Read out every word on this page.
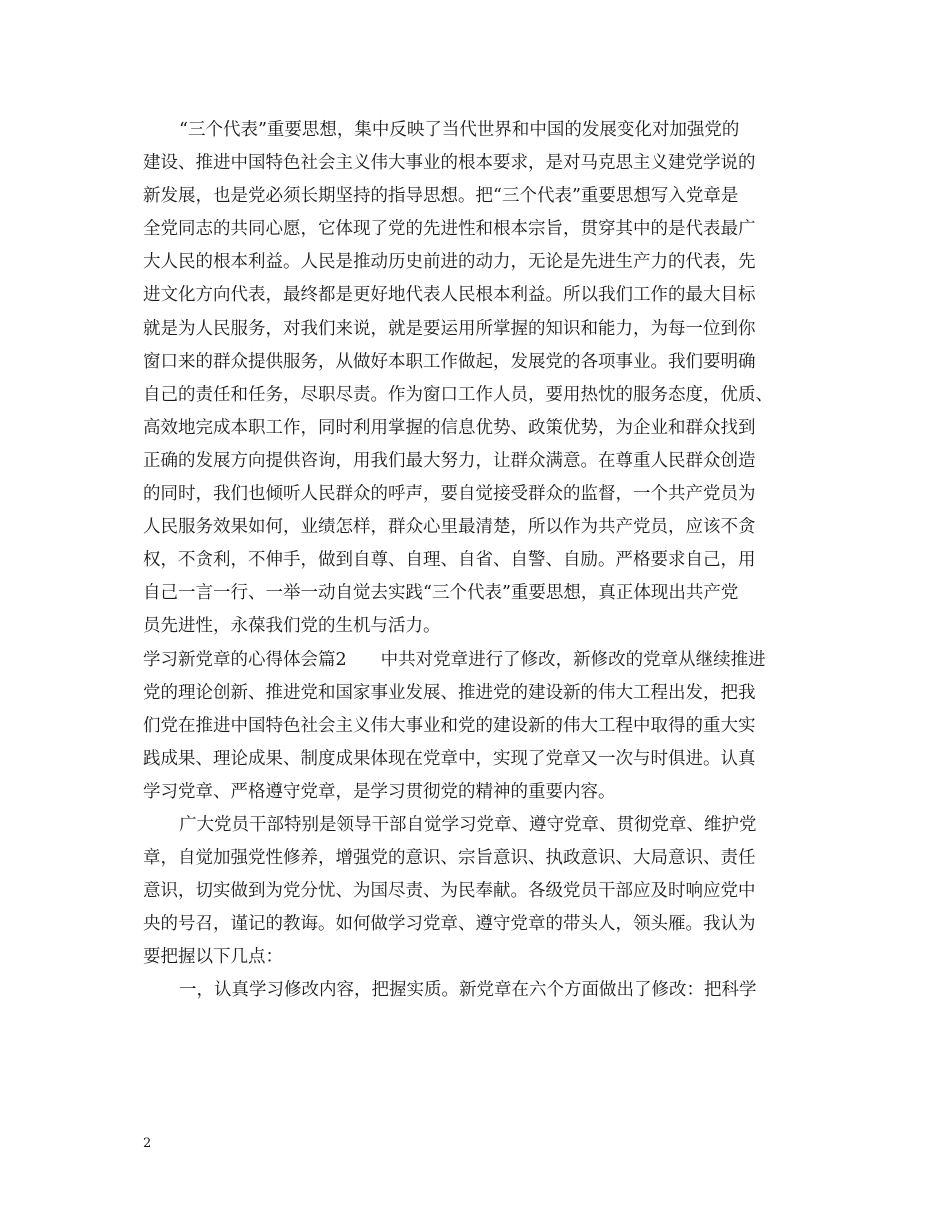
“三个代表”重要思想，集中反映了当代世界和中国的发展变化对加强党的
建设、推进中国特色社会主义伟大事业的根本要求，是对马克思主义建党学说的
新发展，也是党必须长期坚持的指导思想。把“三个代表”重要思想写入党章是
全党同志的共同心愿，它体现了党的先进性和根本宗旨，贯穿其中的是代表最广
大人民的根本利益。人民是推动历史前进的动力，无论是先进生产力的代表，先
进文化方向代表，最终都是更好地代表人民根本利益。所以我们工作的最大目标
就是为人民服务，对我们来说，就是要运用所掌握的知识和能力，为每一位到你
窗口来的群众提供服务，从做好本职工作做起，发展党的各项事业。我们要明确
自己的责任和任务，尽职尽责。作为窗口工作人员，要用热忱的服务态度，优质、
高效地完成本职工作，同时利用掌握的信息优势、政策优势，为企业和群众找到
正确的发展方向提供咨询，用我们最大努力，让群众满意。在尊重人民群众创造
的同时，我们也倾听人民群众的呼声，要自觉接受群众的监督，一个共产党员为
人民服务效果如何，业绩怎样，群众心里最清楚，所以作为共产党员，应该不贪
权，不贪利，不伸手，做到自尊、自理、自省、自警、自励。严格要求自己，用
自己一言一行、一举一动自觉去实践“三个代表”重要思想，真正体现出共产党
员先进性，永葆我们党的生机与活力。
学习新党章的心得体会篇2 中共对党章进行了修改，新修改的党章从继续推进
党的理论创新、推进党和国家事业发展、推进党的建设新的伟大工程出发，把我
们党在推进中国特色社会主义伟大事业和党的建设新的伟大工程中取得的重大实
践成果、理论成果、制度成果体现在党章中，实现了党章又一次与时俱进。认真
学习党章、严格遵守党章，是学习贯彻党的精神的重要内容。
广大党员干部特别是领导干部自觉学习党章、遵守党章、贯彻党章、维护党
章，自觉加强党性修养，增强党的意识、宗旨意识、执政意识、大局意识、责任
意识，切实做到为党分忧、为国尽责、为民奉献。各级党员干部应及时响应党中
央的号召，谨记的教诲。如何做学习党章、遵守党章的带头人，领头雁。我认为
要把握以下几点：
一，认真学习修改内容，把握实质。新党章在六个方面做出了修改：把科学
2
